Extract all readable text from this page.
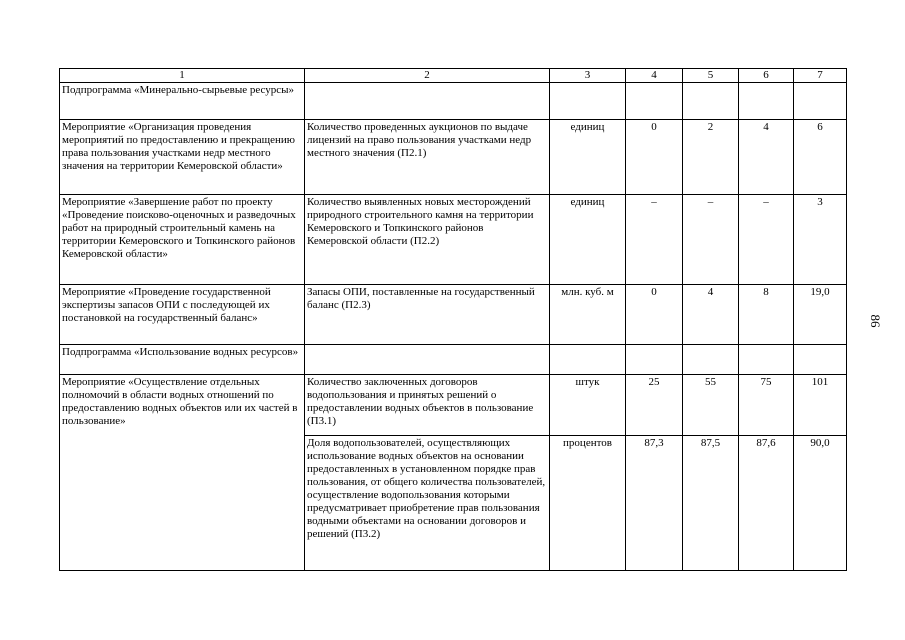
1	2	3	4	5	6	7
Подпрограмма «Минерально-сырьевые ресурсы»						
Мероприятие «Организация проведения мероприятий по предоставлению и прекращению права пользования участками недр местного значения на территории Кемеровской области»	Количество проведенных аукционов по выдаче лицензий на право пользования участками недр местного значения (П2.1)	единиц	0	2	4	6
Мероприятие «Завершение работ по проекту «Проведение поисково-оценочных и разведочных работ на природный строительный камень на территории Кемеровского и Топкинского районов Кемеровской области»	Количество выявленных новых месторождений природного строительного камня на территории Кемеровского и Топкинского районов Кемеровской области (П2.2)	единиц	–	–	–	3
Мероприятие «Проведение государственной экспертизы запасов ОПИ с последующей их постановкой на государственный баланс»	Запасы ОПИ, поставленные на государственный баланс (П2.3)	млн. куб. м	0	4	8	19,0
Подпрограмма «Использование водных ресурсов»						
Мероприятие «Осуществление отдельных полномочий в области водных отношений по предоставлению водных объектов или их частей в пользование»	Количество заключенных договоров водопользования и принятых решений о предоставлении водных объектов в пользование (П3.1)	штук	25	55	75	101
	Доля водопользователей, осуществляющих использование водных объектов на основании предоставленных в установленном порядке прав пользования, от общего количества пользователей, осуществление водопользования которыми предусматривает приобретение прав пользования водными объектами на основании договоров и решений (П3.2)	процентов	87,3	87,5	87,6	90,0
86
